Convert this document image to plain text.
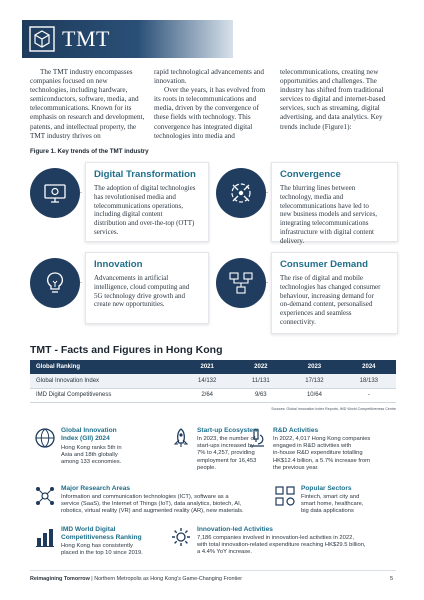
TMT

The TMT industry encompasses companies focused on new technologies, including hardware, semiconductors, software, media, and telecommunications. Known for its emphasis on research and development, patents, and intellectual property, the TMT industry thrives on

rapid technological advancements and innovation.

Over the years, it has evolved from its roots in telecommunications and media, driven by the convergence of these fields with technology. This convergence has integrated digital technologies into media and

telecommunications, creating new opportunities and challenges. The industry has shifted from traditional services to digital and internet-based services, such as streaming, digital advertising, and data analytics. Key trends include (Figure1):

Figure 1. Key trends of the TMT industry
Digital Transformation
The adoption of digital technologies has revolutionised media and telecommunications operations, including digital content distribution and over-the-top (OTT) services.
Convergence
The blurring lines between technology, media and telecommunications have led to new business models and services, integrating telecommunications infrastructure with digital content delivery.
Innovation
Advancements in artificial intelligence, cloud computing and 5G technology drive growth and create new opportunities.
Consumer Demand
The rise of digital and mobile technologies has changed consumer behaviour, increasing demand for on-demand content, personalised experiences and seamless connectivity.
TMT - Facts and Figures in Hong Kong
Global Ranking	2021	2022	2023	2024
Global Innovation Index	14/132	11/131	17/132	18/133
IMD Digital Competitiveness	2/64	9/63	10/64	-
Sources: Global Innovation Index Reports, IMD World Competitiveness Centre
Global Innovation
Index (GII) 2024
Hong Kong ranks 5th in
Asia and 18th globally
among 133 economies.
Start-up Ecosystem
In 2023, the number of
start-ups increased by
7% to 4,257, providing
employment for 16,453
people.
R&D Activities
In 2022, 4,017 Hong Kong companies
engaged in R&D activities with
in-house R&D expenditure totalling
HK$12.4 billion, a 5.7% increase from
the previous year.
Major Research Areas
Information and communication technologies (ICT), software as a
service (SaaS), the Internet of Things (IoT), data analytics, biotech, AI,
robotics, virtual reality (VR) and augmented reality (AR), new materials.
Popular Sectors
Fintech, smart city and
smart home, healthcare,
big data applications
IMD World Digital
Competitiveness Ranking
Hong Kong has consistently
placed in the top 10 since 2019.
Innovation-led Activities
7,186 companies involved in innovation-led activities in 2022,
with total innovation-related expenditure reaching HK$29.5 billion,
a 4.4% YoY increase.
Reimagining Tomorrow | Northern Metropolis as Hong Kong's Game-Changing Frontier	5
